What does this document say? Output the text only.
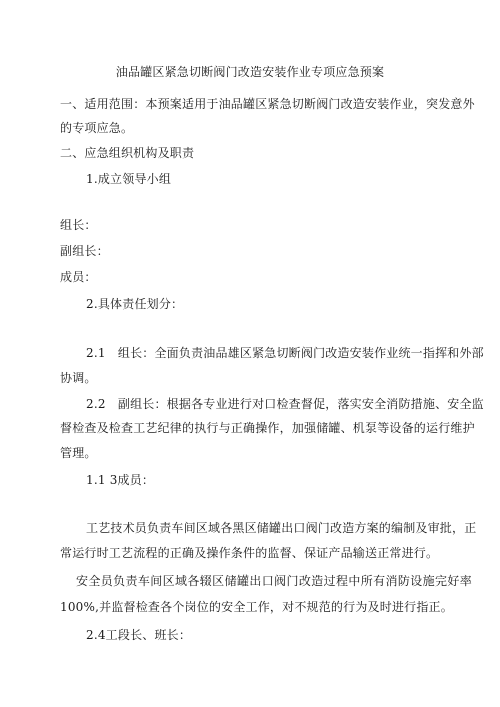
油品罐区紧急切断阀门改造安装作业专项应急预案
一、适用范围：本预案适用于油品罐区紧急切断阀门改造安装作业，突发意外
的专项应急。
二、应急组织机构及职责
1.成立领导小组
组长：
副组长：
成员：
2.具体责任划分：
2.1　组长：全面负责油品雄区紧急切断阀门改造安装作业统一指挥和外部
协调。
2.2　副组长：根据各专业进行对口检查督促，落实安全消防措施、安全监
督检查及检查工艺纪律的执行与正确操作，加强储罐、机泵等设备的运行维护
管理。
1.1 3成员：
工艺技术员负责车间区域各黑区储罐出口阀门改造方案的编制及审批，正
常运行时工艺流程的正确及操作条件的监督、保证产品输送正常进行。
安全员负责车间区域各辍区储罐出口阀门改造过程中所有消防设施完好率
100%,并监督检查各个岗位的安全工作，对不规范的行为及时进行指正。
2.4工段长、班长：
